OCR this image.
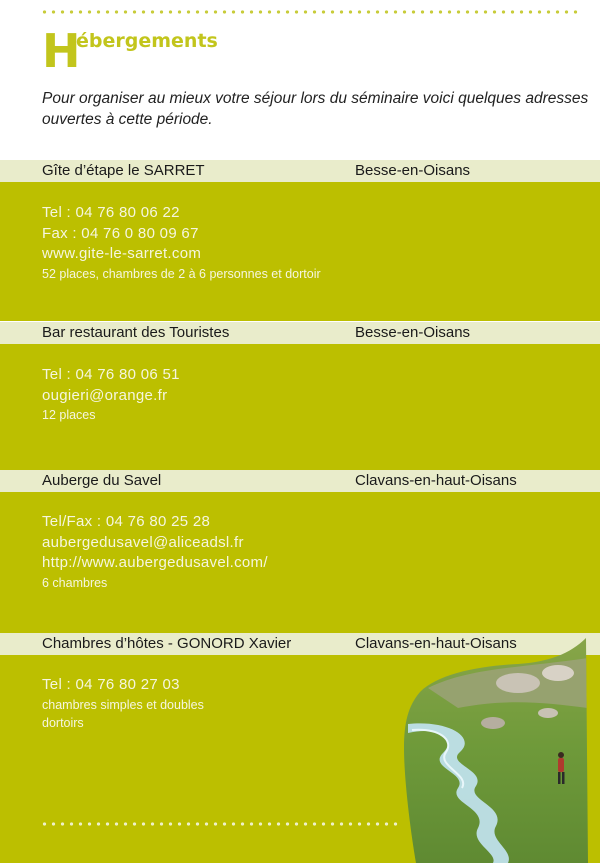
H
ébergements

Pour organiser au mieux votre séjour lors du séminaire voici quelques adresses ouvertes à cette période.

Gîte d’étape le SARRET	Besse-en-Oisans
Tel : 04 76 80 06 22
Fax : 04 76 0 80 09 67
www.gite-le-sarret.com
52 places, chambres de 2 à 6 personnes et dortoir
Bar restaurant des Touristes	Besse-en-Oisans
Tel : 04 76 80 06 51
ougieri@orange.fr
12 places
Auberge du Savel	Clavans-en-haut-Oisans
Tel/Fax : 04 76 80 25 28
aubergedusavel@aliceadsl.fr
http://www.aubergedusavel.com/
6 chambres
Chambres d’hôtes - GONORD Xavier	Clavans-en-haut-Oisans
Tel : 04 76 80 27 03
chambres simples et doubles
dortoirs
